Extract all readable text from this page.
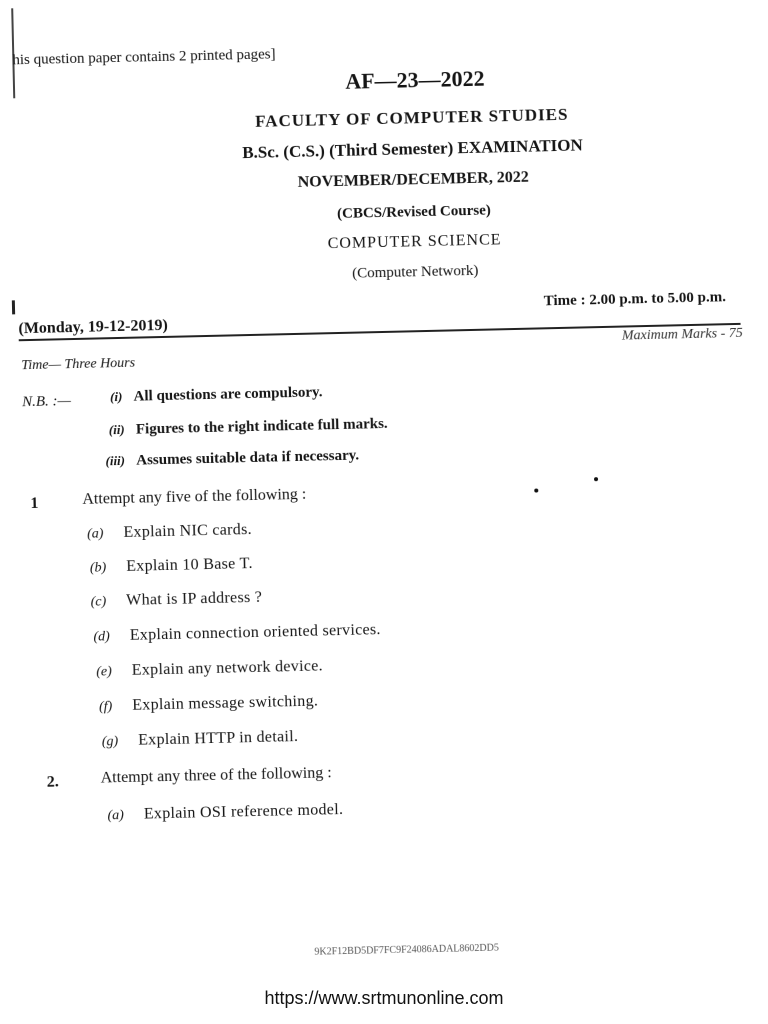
his question paper contains 2 printed pages]
AF—23—2022
FACULTY OF COMPUTER STUDIES
B.Sc. (C.S.) (Third Semester) EXAMINATION
NOVEMBER/DECEMBER, 2022
(CBCS/Revised Course)
COMPUTER SCIENCE
(Computer Network)
Time : 2.00 p.m. to 5.00 p.m.
(Monday, 19-12-2019)	Maximum Marks - 75
Time— Three Hours
N.B. :—	(i) All questions are compulsory.
(ii) Figures to the right indicate full marks.
(iii) Assumes suitable data if necessary.
1	Attempt any five of the following :
(a) Explain NIC cards.
(b) Explain 10 Base T.
(c) What is IP address ?
(d) Explain connection oriented services.
(e) Explain any network device.
(f) Explain message switching.
(g) Explain HTTP in detail.
2.	Attempt any three of the following :
(a) Explain OSI reference model.
9K2F12BD5DF7FC9F24086ADAL8602DD5
https://www.srtmunonline.com
